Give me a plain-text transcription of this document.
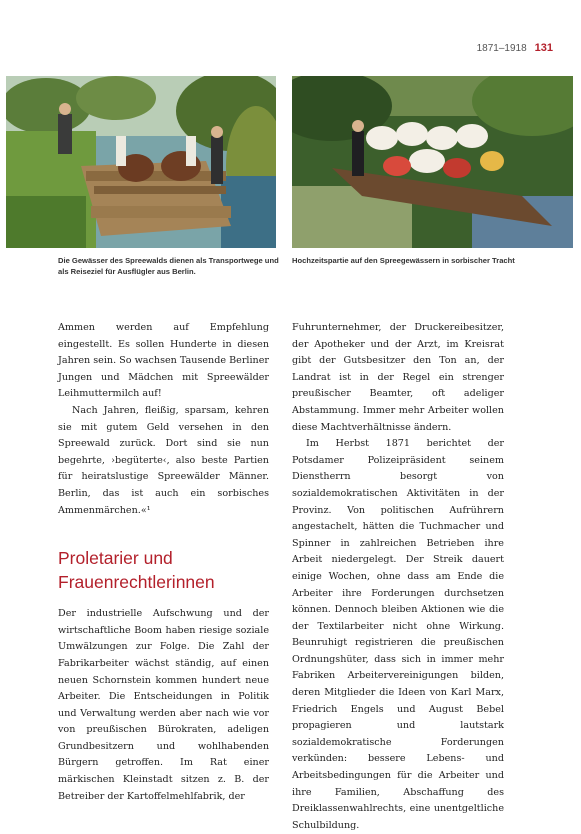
1871–1918 131
Die Gewässer des Spreewalds dienen als Transportwege und als Reiseziel für Ausflügler aus Berlin.
Hochzeitspartie auf den Spreegewässern in sorbischer Tracht

Ammen werden auf Empfehlung eingestellt. Es sollen Hunderte in diesen Jahren sein. So wachsen Tausende Berliner Jungen und Mädchen mit Spreewälder Leihmuttermilch auf!

Nach Jahren, fleißig, sparsam, kehren sie mit gutem Geld versehen in den Spreewald zurück. Dort sind sie nun begehrte, ›begüterte‹, also beste Partien für heiratslustige Spreewälder Männer. Berlin, das ist auch ein sorbisches Ammenmärchen.«¹

Proletarier und
Frauenrechtlerinnen

Der industrielle Aufschwung und der wirtschaftliche Boom haben riesige soziale Umwälzungen zur Folge. Die Zahl der Fabrikarbeiter wächst ständig, auf einen neuen Schornstein kommen hundert neue Arbeiter. Die Entscheidungen in Politik und Verwaltung werden aber nach wie vor von preußischen Bürokraten, adeligen Grundbesitzern und wohlhabenden Bürgern getroffen. Im Rat einer märkischen Kleinstadt sitzen z. B. der Betreiber der Kartoffelmehlfabrik, der

Fuhrunternehmer, der Druckereibesitzer, der Apotheker und der Arzt, im Kreisrat gibt der Gutsbesitzer den Ton an, der Landrat ist in der Regel ein strenger preußischer Beamter, oft adeliger Abstammung. Immer mehr Arbeiter wollen diese Machtverhältnisse ändern.

Im Herbst 1871 berichtet der Potsdamer Polizeipräsident seinem Dienstherrn besorgt von sozialdemokratischen Aktivitäten in der Provinz. Von politischen Aufrührern angestachelt, hätten die Tuchmacher und Spinner in zahlreichen Betrieben ihre Arbeit niedergelegt. Der Streik dauert einige Wochen, ohne dass am Ende die Arbeiter ihre Forderungen durchsetzen können. Dennoch bleiben Aktionen wie die der Textilarbeiter nicht ohne Wirkung. Beunruhigt registrieren die preußischen Ordnungshüter, dass sich in immer mehr Fabriken Arbeitervereinigungen bilden, deren Mitglieder die Ideen von Karl Marx, Friedrich Engels und August Bebel propagieren und lautstark sozialdemokratische Forderungen verkünden: bessere Lebens- und Arbeitsbedingungen für die Arbeiter und ihre Familien, Abschaffung des Dreiklassenwahlrechts, eine unentgeltliche Schulbildung.
